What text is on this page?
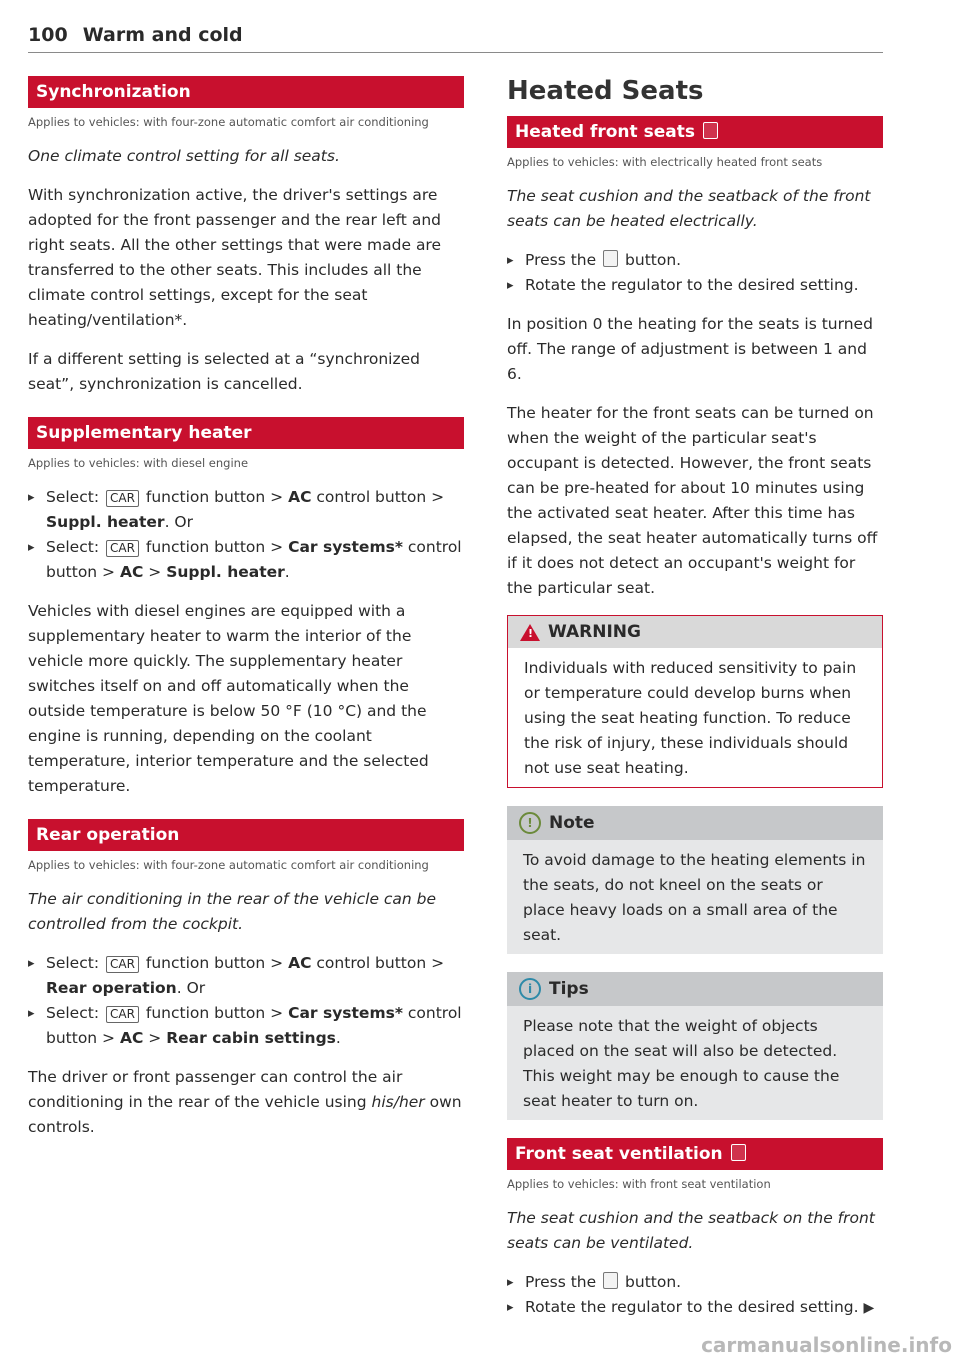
100 Warm and cold
Synchronization
Applies to vehicles: with four-zone automatic comfort air conditioning

One climate control setting for all seats.

With synchronization active, the driver's settings are adopted for the front passenger and the rear left and right seats. All the other settings that were made are transferred to the other seats. This includes all the climate control settings, except for the seat heating/ventilation*.

If a different setting is selected at a “synchronized seat”, synchronization is cancelled.

Supplementary heater
Applies to vehicles: with diesel engine
▸ Select: CAR function button > AC control button > Suppl. heater. Or
▸ Select: CAR function button > Car systems* control button > AC > Suppl. heater.

Vehicles with diesel engines are equipped with a supplementary heater to warm the interior of the vehicle more quickly. The supplementary heater switches itself on and off automatically when the outside temperature is below 50 °F (10 °C) and the engine is running, depending on the coolant temperature, interior temperature and the selected temperature.

Rear operation
Applies to vehicles: with four-zone automatic comfort air conditioning

The air conditioning in the rear of the vehicle can be controlled from the cockpit.

▸ Select: CAR function button > AC control button > Rear operation. Or
▸ Select: CAR function button > Car systems* control button > AC > Rear cabin settings.

The driver or front passenger can control the air conditioning in the rear of the vehicle using his/her own controls.

Heated Seats
Heated front seats
Applies to vehicles: with electrically heated front seats

The seat cushion and the seatback of the front seats can be heated electrically.

▸ Press the button.
▸ Rotate the regulator to the desired setting.

In position 0 the heating for the seats is turned off. The range of adjustment is between 1 and 6.

The heater for the front seats can be turned on when the weight of the particular seat's occupant is detected. However, the front seats can be pre-heated for about 10 minutes using the activated seat heater. After this time has elapsed, the seat heater automatically turns off if it does not detect an occupant's weight for the particular seat.

!
WARNING
Individuals with reduced sensitivity to pain or temperature could develop burns when using the seat heating function. To reduce the risk of injury, these individuals should not use seat heating.
! Note
To avoid damage to the heating elements in the seats, do not kneel on the seats or place heavy loads on a small area of the seat.
i Tips
Please note that the weight of objects placed on the seat will also be detected. This weight may be enough to cause the seat heater to turn on.
Front seat ventilation
Applies to vehicles: with front seat ventilation

The seat cushion and the seatback on the front seats can be ventilated.

▸ Press the button.
▸ Rotate the regulator to the desired setting. ▶
carmanualsonline.info
